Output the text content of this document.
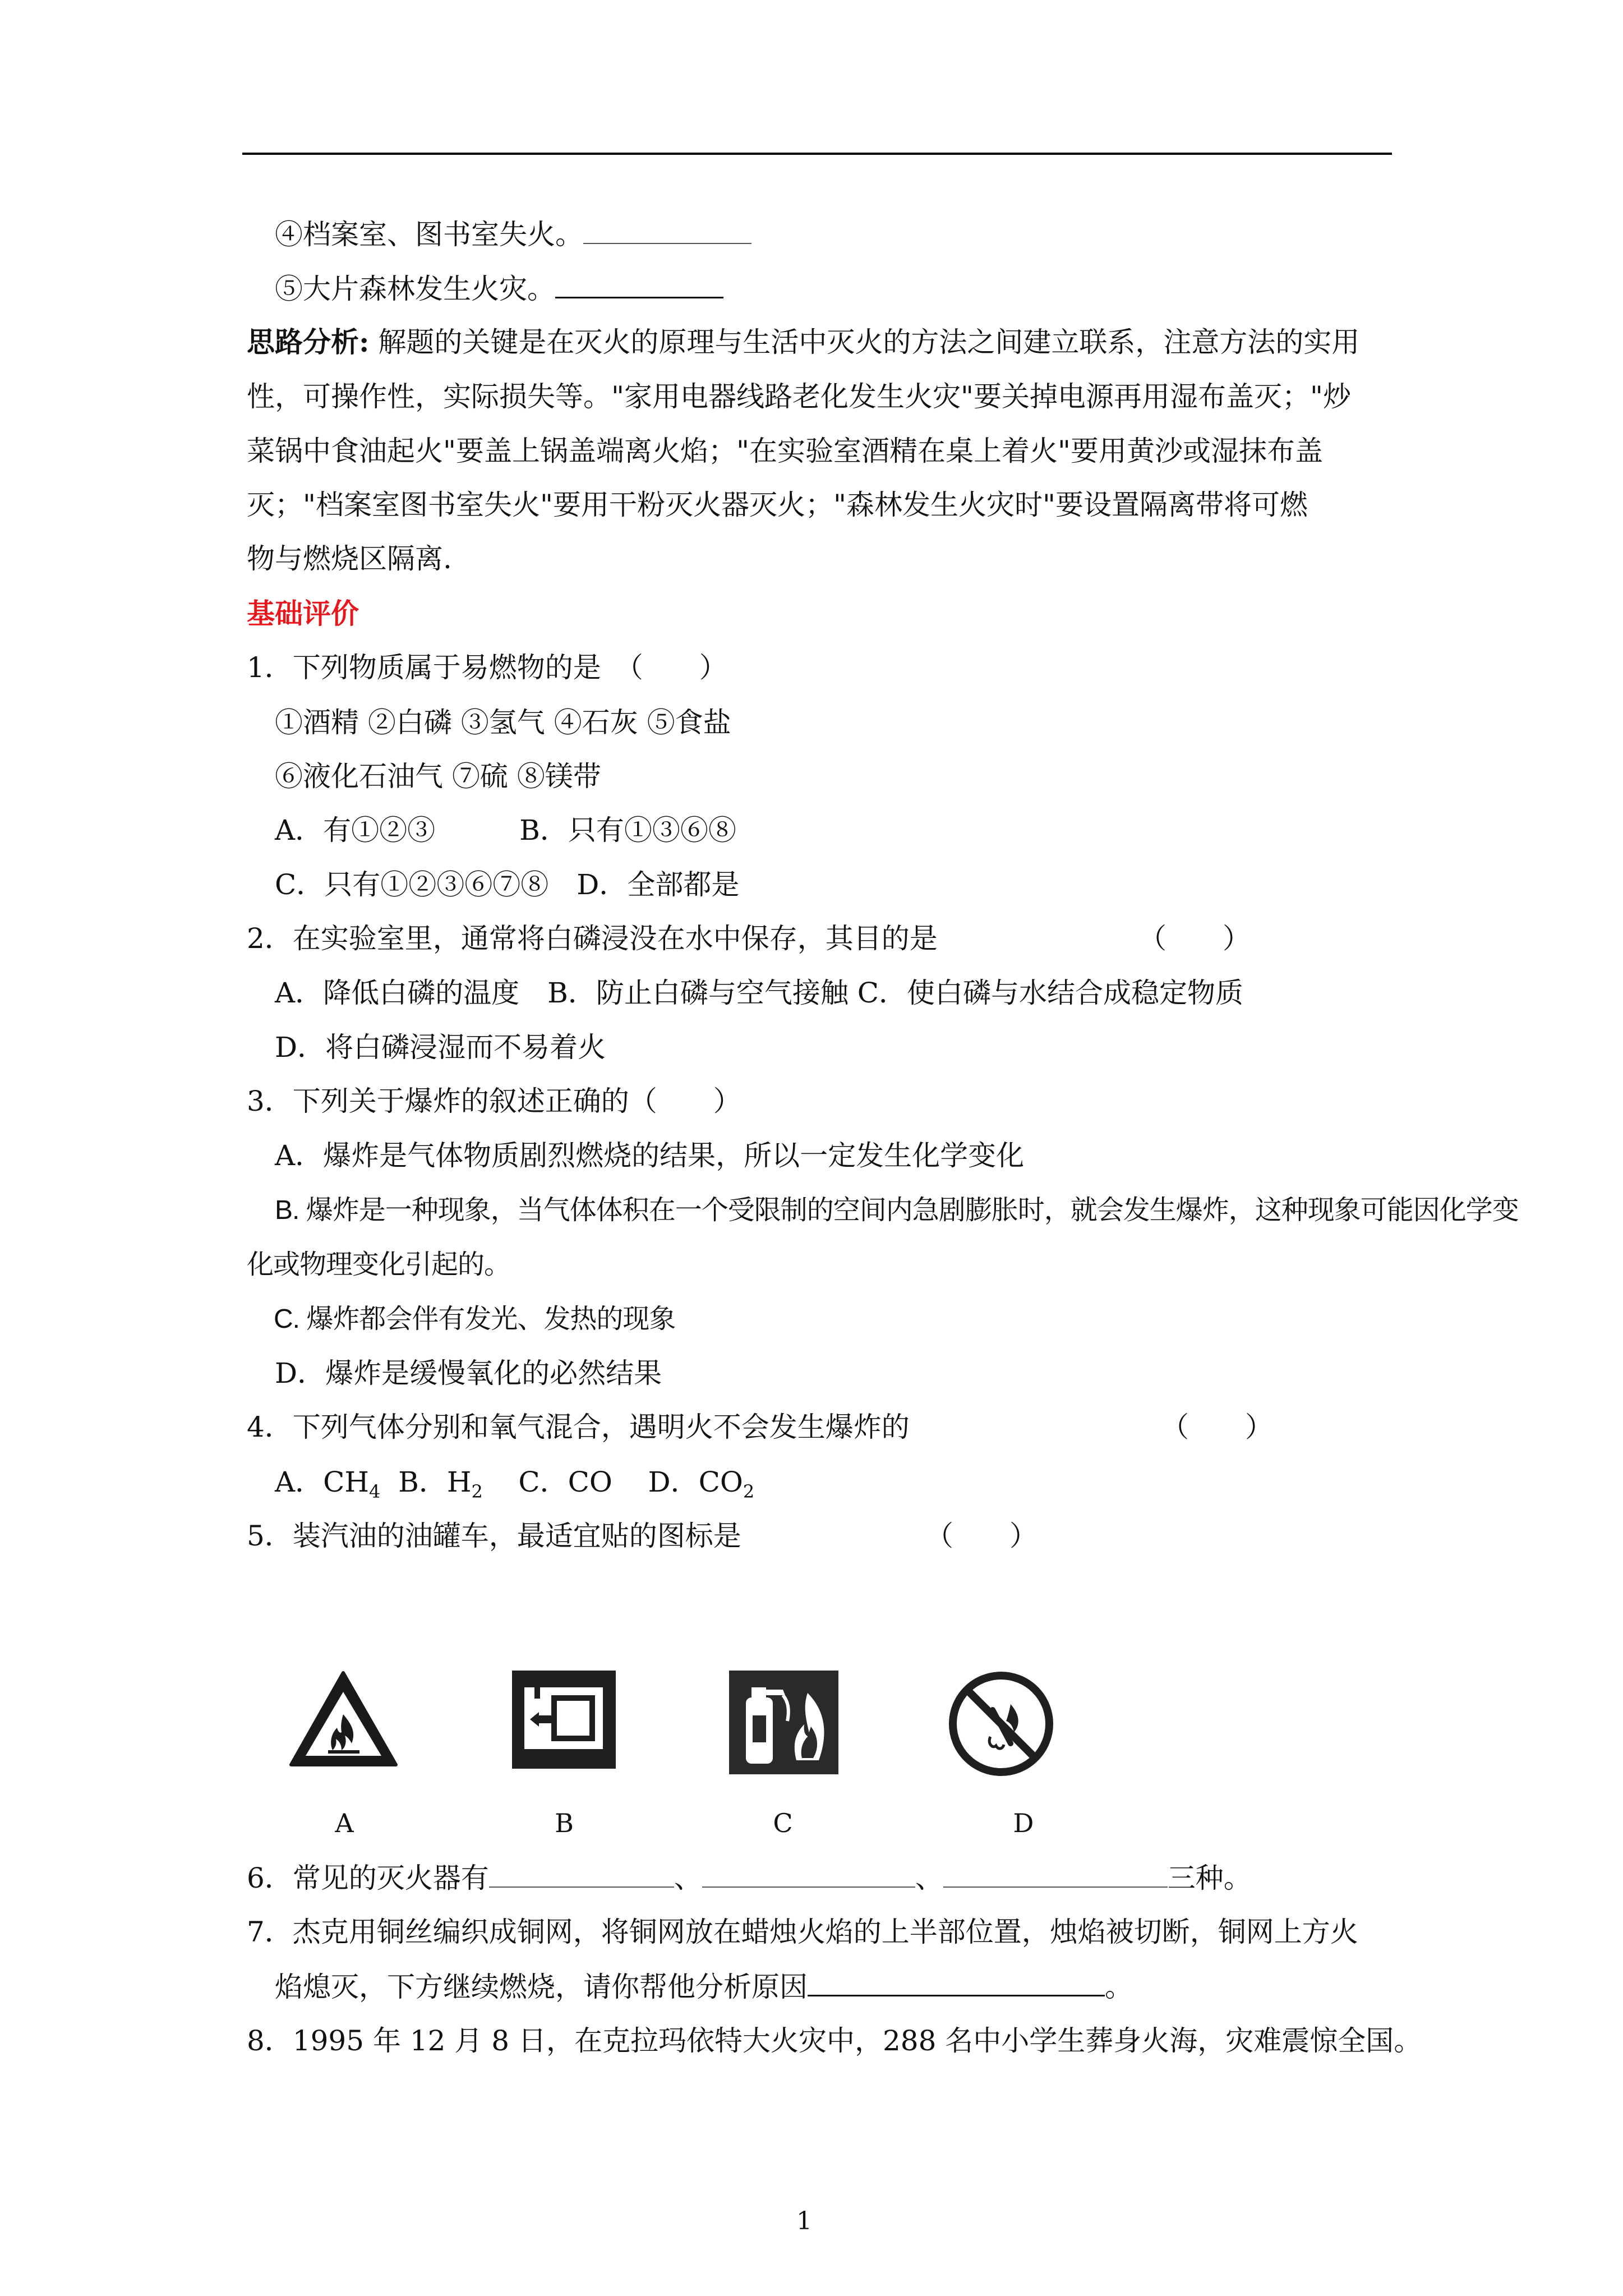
④档案室、图书室失火。
⑤大片森林发生火灾。
思路分析: 解题的关键是在灭火的原理与生活中灭火的方法之间建立联系，注意方法的实用
性，可操作性，实际损失等。"家用电器线路老化发生火灾"要关掉电源再用湿布盖灭；"炒
菜锅中食油起火"要盖上锅盖端离火焰；"在实验室酒精在桌上着火"要用黄沙或湿抹布盖
灭；"档案室图书室失火"要用干粉灭火器灭火；"森林发生火灾时"要设置隔离带将可燃
物与燃烧区隔离.
基础评价
1．下列物质属于易燃物的是　（　　）
①酒精 ②白磷 ③氢气 ④石灰 ⑤食盐
⑥液化石油气 ⑦硫 ⑧镁带
A．有①②③　　　B．只有①③⑥⑧
C．只有①②③⑥⑦⑧　D．全部都是
2．在实验室里，通常将白磷浸没在水中保存，其目的是	（　　）
A．降低白磷的温度　B．防止白磷与空气接触 C．使白磷与水结合成稳定物质
D．将白磷浸湿而不易着火
3．下列关于爆炸的叙述正确的（　　）
A．爆炸是气体物质剧烈燃烧的结果，所以一定发生化学变化
B. 爆炸是一种现象，当气体体积在一个受限制的空间内急剧膨胀时，就会发生爆炸，这种现象可能因化学变
化或物理变化引起的。
C. 爆炸都会伴有发光、发热的现象
D．爆炸是缓慢氧化的必然结果
4．下列气体分别和氧气混合，遇明火不会发生爆炸的	（　　）
A．$CH_4$ B．$H_2$ C．CO D．$CO_2$
5．装汽油的油罐车，最适宜贴的图标是	（　　）
A	B	C	D
6．常见的灭火器有	、	、	三种。
7．杰克用铜丝编织成铜网，将铜网放在蜡烛火焰的上半部位置，烛焰被切断，铜网上方火
焰熄灭，下方继续燃烧，请你帮他分析原因	。
8．1995 年 12 月 8 日，在克拉玛依特大火灾中，288 名中小学生葬身火海，灾难震惊全国。
1
